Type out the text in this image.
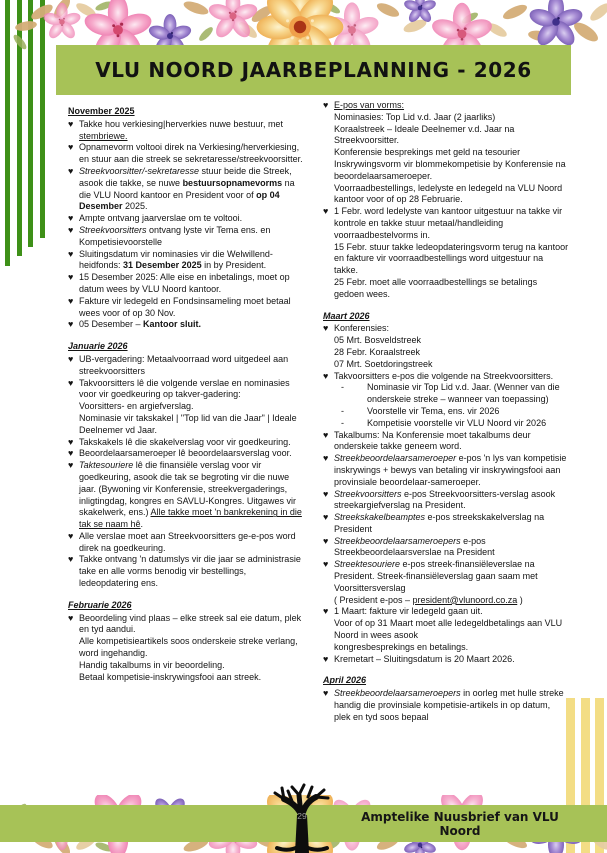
VLU NOORD JAARBEPLANNING - 2026
November 2025
♥ Takke hou verkiesing|herverkies nuwe bestuur, met stembriewe.
♥ Opnamevorm voltooi direk na Verkiesing/herverkiesing, en stuur aan die streek se sekretaresse/streekvoorsitter.
♥ Streekvoorsitter/-sekretaresse stuur beide die Streek, asook die takke, se nuwe bestuursopnamevorms na die VLU Noord kantoor en President voor of op 04 Desember 2025.
♥ Ampte ontvang jaarverslae om te voltooi.
♥ Streekvoorsitters ontvang lyste vir Tema ens. en Kompetisievoorstelle
♥ Sluitingsdatum vir nominasies vir die Welwillend-heidfonds: 31 Desember 2025 in by President.
♥ 15 Desember 2025: Alle eise en inbetalings, moet op datum wees by VLU Noord kantoor.
♥ Fakture vir ledegeld en Fondsinsameling moet betaal wees voor of op 30 Nov.
♥ 05 Desember – Kantoor sluit.
Januarie 2026
♥ UB-vergadering: Metaalvoorraad word uitgedeel aan streekvoorsitters
♥ Takvoorsitters lê die volgende verslae en nominasies voor vir goedkeuring op takver-gadering:
Voorsitters- en argiefverslag.
Nominasie vir takskakel | "Top lid van die Jaar" | Ideale Deelnemer vd Jaar.
♥ Takskakels lê die skakelverslag voor vir goedkeuring.
♥ Beoordelaarsameroeper lê beoordelaarsverslag voor.
♥ Taktesouriere lê die finansiële verslag voor vir goedkeuring, asook die tak se begroting vir die nuwe jaar. (Bywoning vir Konferensie, streekvergaderings, inligtingdag, kongres en SAVLU-Kongres. Uitgawes vir skakelwerk, ens.) Alle takke moet 'n bankrekening in die tak se naam hê.
♥ Alle verslae moet aan Streekvoorsitters ge-e-pos word direk na goedkeuring.
♥ Takke ontvang 'n datumslys vir die jaar se administrasie take en alle vorms benodig vir bestellings, ledeopdatering ens.
Februarie 2026
♥ Beoordeling vind plaas – elke streek sal eie datum, plek en tyd aandui.
Alle kompetisieartikels soos onderskeie streke verlang, word ingehandig.
Handig takalbums in vir beoordeling.
Betaal kompetisie-inskrywingsfooi aan streek.
♥ E-pos van vorms:
Nominasies: Top Lid v.d. Jaar (2 jaarliks)
Koraalstreek – Ideale Deelnemer v.d. Jaar na Streekvoorsitter.
Konferensie besprekings met geld na tesourier
Inskrywingsvorm vir blommekompetisie by Konferensie na beoordelaarsameroeper.
Voorraadbestellings, ledelyste en ledegeld na VLU Noord kantoor voor of op 28 Februarie.
♥ 1 Febr. word ledelyste van kantoor uitgestuur na takke vir kontrole en takke stuur metaal/handleiding voorraadbestelvorms in.
15 Febr. stuur takke ledeopdateringsvorm terug na kantoor en fakture vir voorraadbestellings word uitgestuur na takke.
25 Febr. moet alle voorraadbestellings se betalings gedoen wees.
Maart 2026
♥ Konferensies:
05 Mrt. Bosveldstreek
28 Febr. Koraalstreek
07 Mrt. Soetdoringstreek
♥ Takvoorsitters e-pos die volgende na Streekvoorsitters.
-	Nominasie vir Top Lid v.d. Jaar. (Wenner van die onderskeie streke – wanneer van toepassing)
-	Voorstelle vir Tema, ens. vir 2026
-	Kompetisie voorstelle vir VLU Noord vir 2026
♥ Takalbums: Na Konferensie moet takalbums deur onderskeie takke geneem word.
♥ Streekbeoordelaarsameroeper e-pos 'n lys van kompetisie inskrywings + bewys van betaling vir inskrywingsfooi aan provinsiale beoordelaar-sameroeper.
♥ Streekvoorsitters e-pos Streekvoorsitters-verslag asook streekargiefverslag na President.
♥ Streekskakelbeamptes e-pos streekskakelverslag na President
♥ Streekbeoordelaarsameroepers e-pos Streekbeoordelaarsverslae na President
♥ Streektesouriere e-pos streek-finansiëleverslae na President. Streek-finansiëleverslag gaan saam met Voorsittersverslag
( President e-pos – president@vlunoord.co.za )
♥ 1 Maart: fakture vir ledegeld gaan uit.
Voor of op 31 Maart moet alle ledegeldbetalings aan VLU Noord in wees asook
kongresbesprekings en betalings.
♥ Kremetart – Sluitingsdatum is 20 Maart 2026.
April 2026
♥ Streekbeoordelaarsameroepers in oorleg met hulle streke handig die provinsiale kompetisie-artikels in op datum, plek en tyd soos bepaal
Amptelike Nuusbrief van VLU Noord
29
